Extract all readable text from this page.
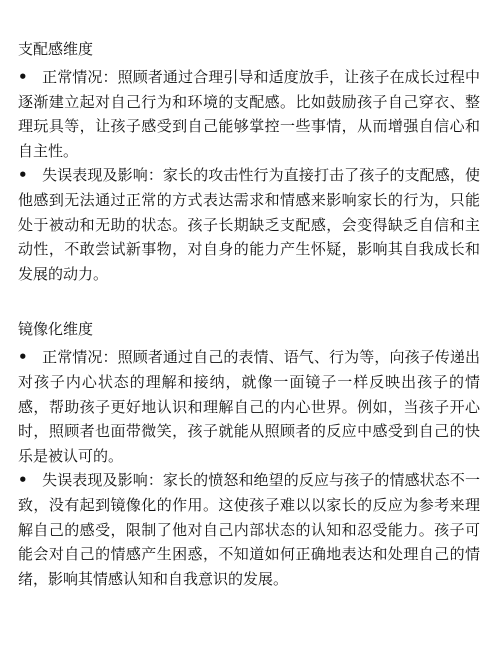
支配感维度

• 正常情况：照顾者通过合理引导和适度放手，让孩子在成长过程中逐渐建立起对自己行为和环境的支配感。比如鼓励孩子自己穿衣、整理玩具等，让孩子感受到自己能够掌控一些事情，从而增强自信心和自主性。

• 失误表现及影响：家长的攻击性行为直接打击了孩子的支配感，使他感到无法通过正常的方式表达需求和情感来影响家长的行为，只能处于被动和无助的状态。孩子长期缺乏支配感，会变得缺乏自信和主动性，不敢尝试新事物，对自身的能力产生怀疑，影响其自我成长和发展的动力。

镜像化维度

• 正常情况：照顾者通过自己的表情、语气、行为等，向孩子传递出对孩子内心状态的理解和接纳，就像一面镜子一样反映出孩子的情感，帮助孩子更好地认识和理解自己的内心世界。例如，当孩子开心时，照顾者也面带微笑，孩子就能从照顾者的反应中感受到自己的快乐是被认可的。

• 失误表现及影响：家长的愤怒和绝望的反应与孩子的情感状态不一致，没有起到镜像化的作用。这使孩子难以以家长的反应为参考来理解自己的感受，限制了他对自己内部状态的认知和忍受能力。孩子可能会对自己的情感产生困惑，不知道如何正确地表达和处理自己的情绪，影响其情感认知和自我意识的发展。
